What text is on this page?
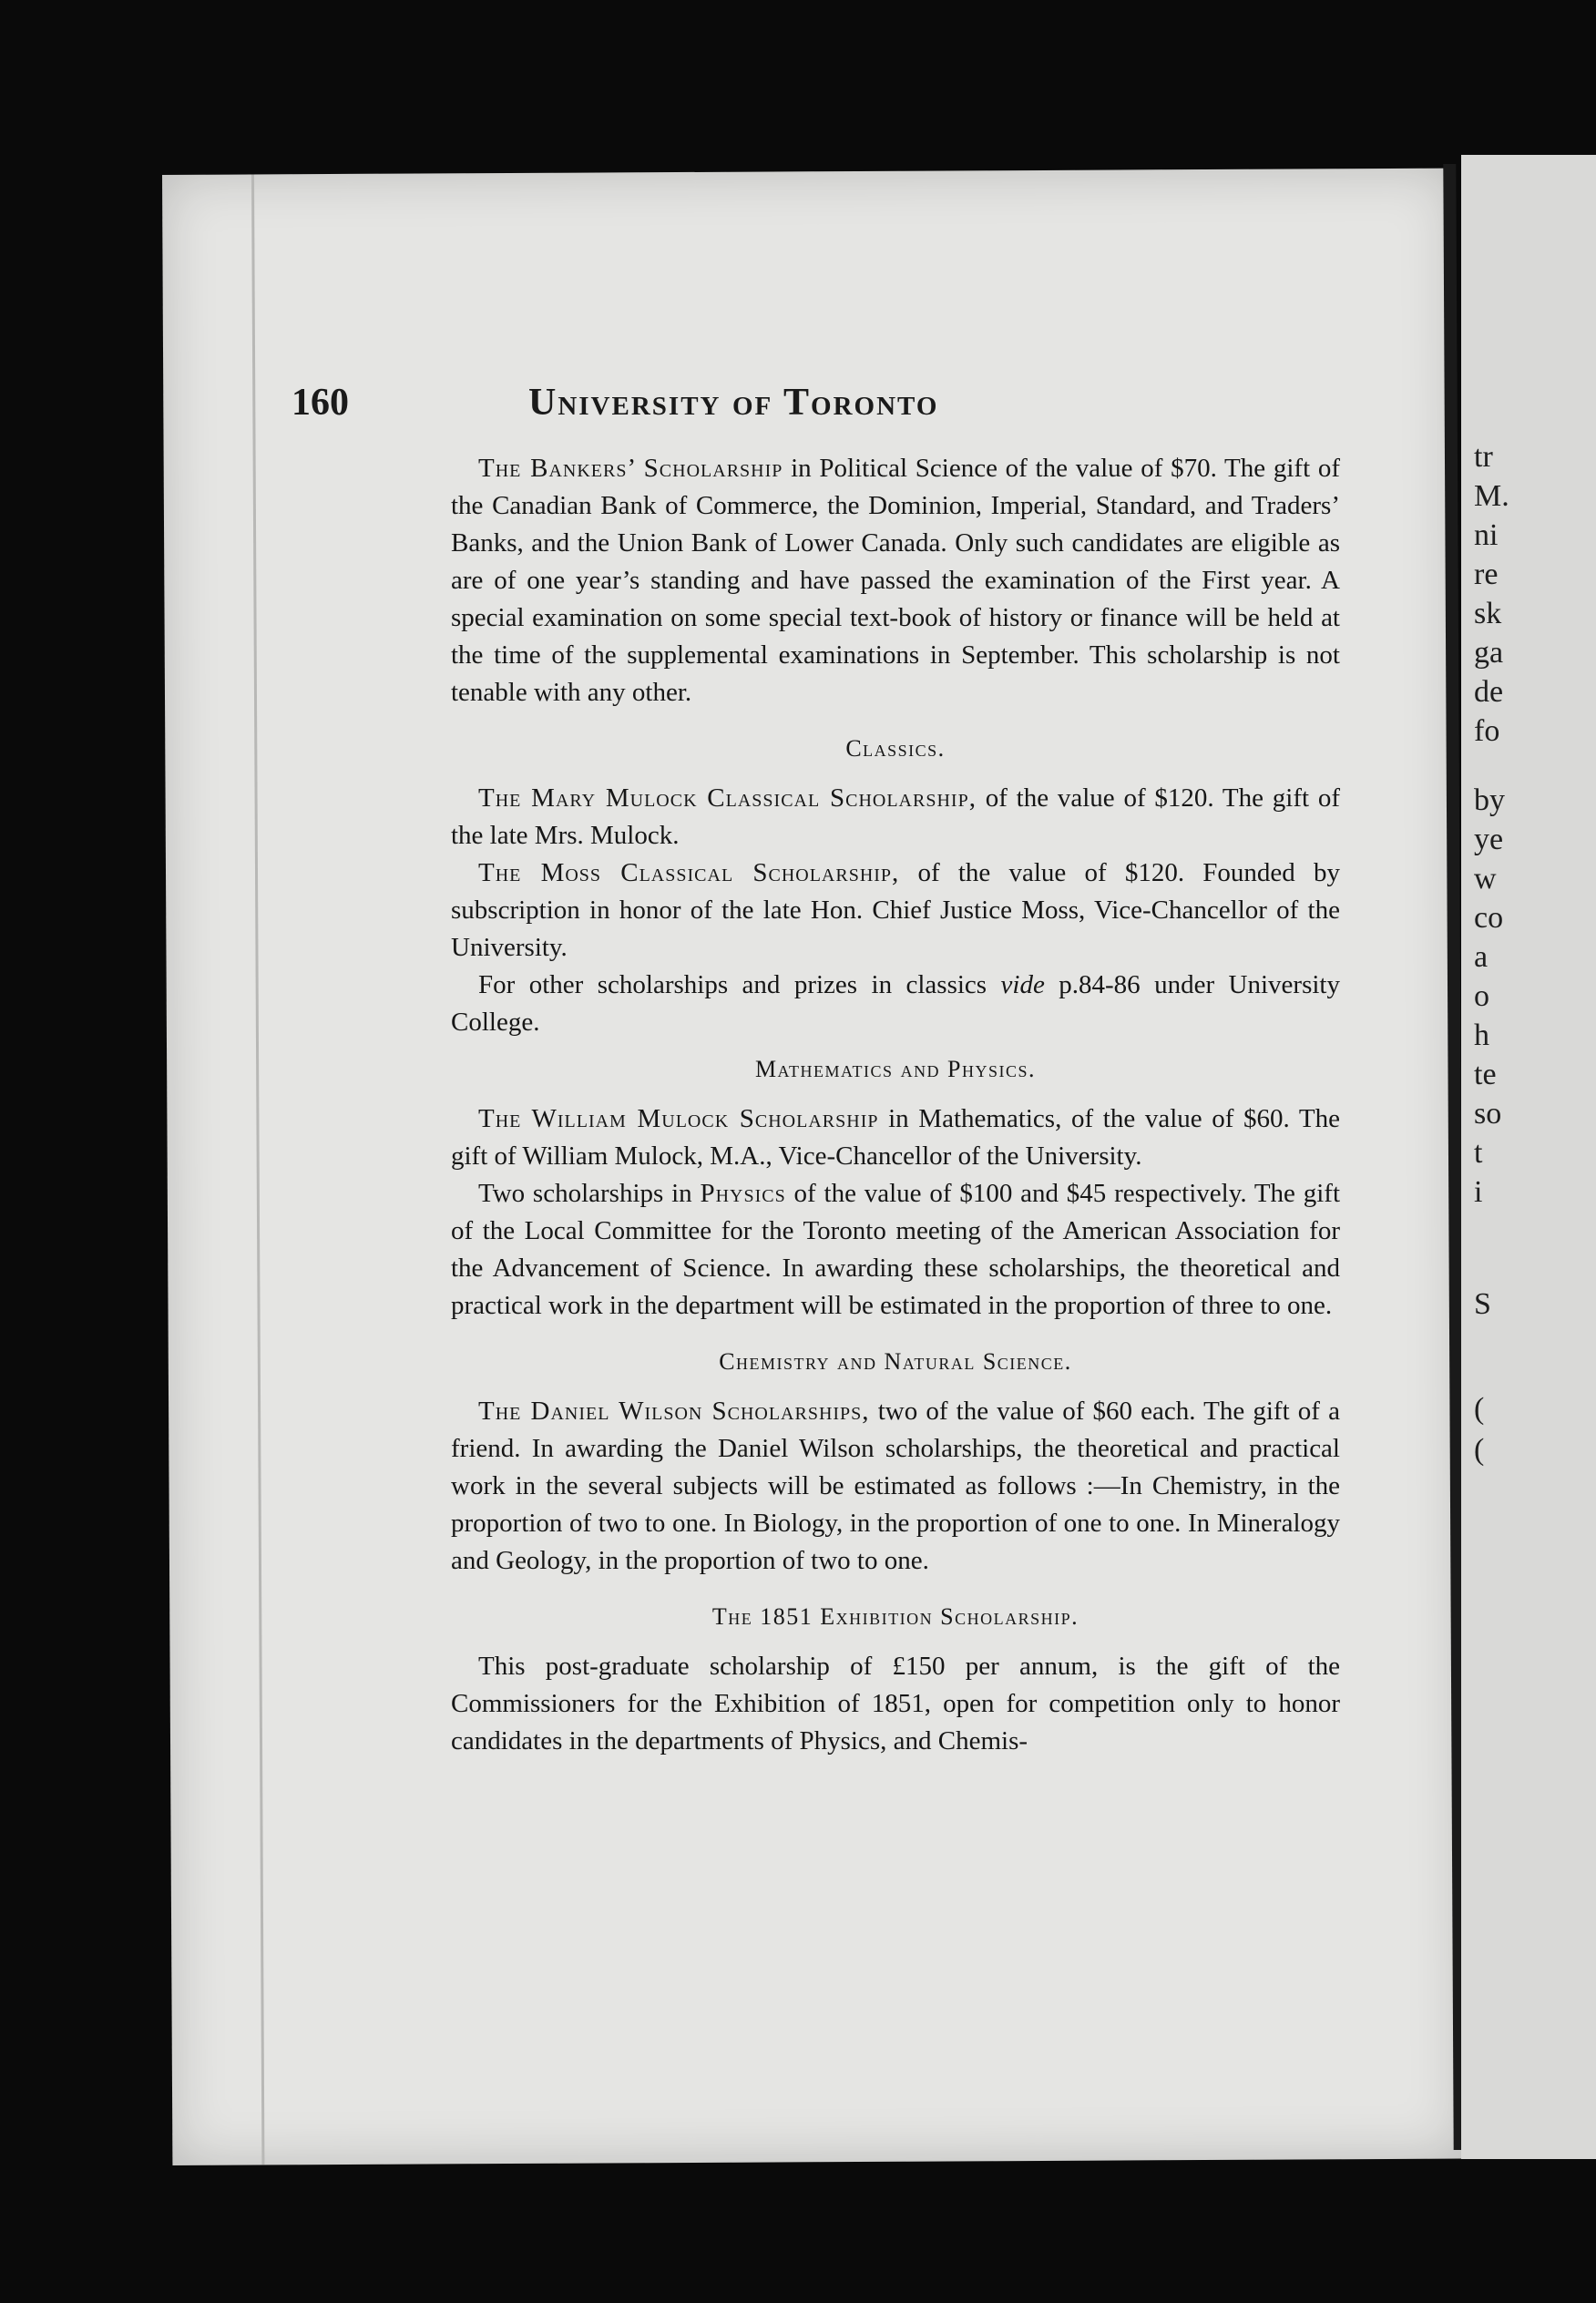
tr
M.
ni
re
sk
ga
de
fo
by
ye
w
co
a
o
h
te
so
t
i
S
(
(
160	University of Toronto

The Bankers’ Scholarship in Political Science of the value of $70. The gift of the Canadian Bank of Commerce, the Dominion, Imperial, Standard, and Traders’ Banks, and the Union Bank of Lower Canada. Only such candidates are eligible as are of one year’s standing and have passed the examination of the First year. A special examination on some special text-book of history or finance will be held at the time of the supplemental examinations in September. This scholarship is not tenable with any other.

Classics.

The Mary Mulock Classical Scholarship, of the value of $120. The gift of the late Mrs. Mulock.

The Moss Classical Scholarship, of the value of $120. Founded by subscription in honor of the late Hon. Chief Justice Moss, Vice-Chancellor of the University.

For other scholarships and prizes in classics vide p.84-86 under University College.

Mathematics and Physics.

The William Mulock Scholarship in Mathematics, of the value of $60. The gift of William Mulock, M.A., Vice-Chancellor of the University.

Two scholarships in Physics of the value of $100 and $45 respectively. The gift of the Local Committee for the Toronto meeting of the American Association for the Advancement of Science. In awarding these scholarships, the theoretical and practical work in the department will be estimated in the proportion of three to one.

Chemistry and Natural Science.

The Daniel Wilson Scholarships, two of the value of $60 each. The gift of a friend. In awarding the Daniel Wilson scholarships, the theoretical and practical work in the several subjects will be estimated as follows :—In Chemistry, in the proportion of two to one. In Biology, in the proportion of one to one. In Mineralogy and Geology, in the proportion of two to one.

The 1851 Exhibition Scholarship.

This post-graduate scholarship of £150 per annum, is the gift of the Commissioners for the Exhibition of 1851, open for competition only to honor candidates in the departments of Physics, and Chemis-
